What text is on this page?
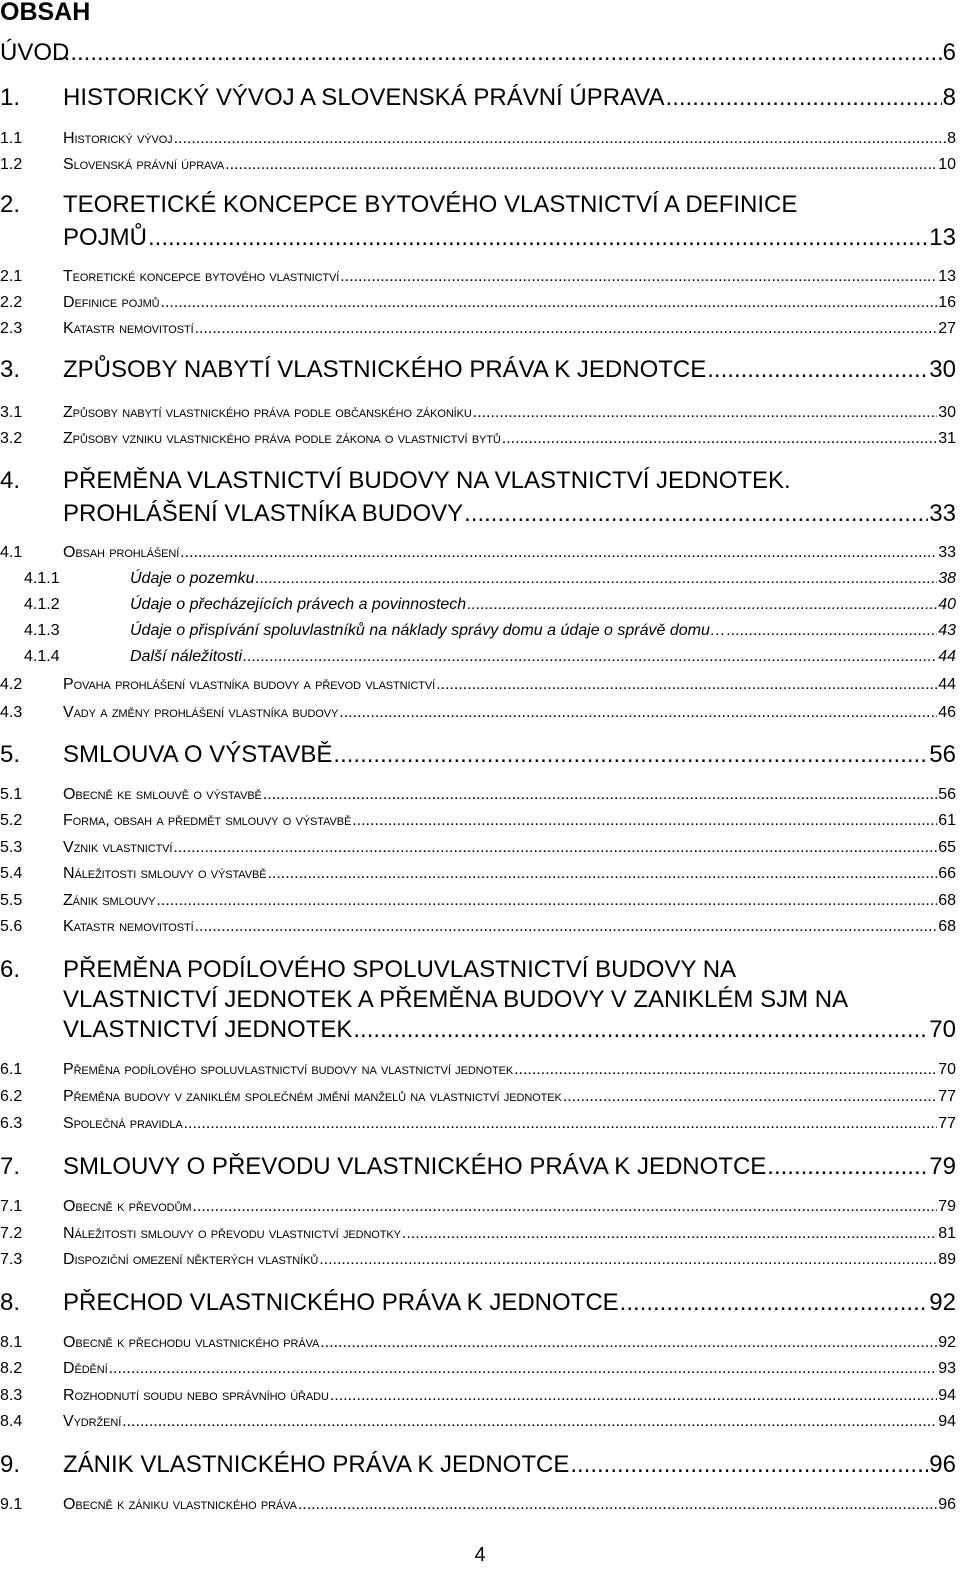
OBSAH
ÚVOD .....	6
1.	HISTORICKÝ VÝVOJ A SLOVENSKÁ PRÁVNÍ ÚPRAVA .....	8
1.1	Historický vývoj .....	8
1.2	Slovenská právní úprava .....	10
2.	TEORETICKÉ KONCEPCE BYTOVÉHO VLASTNICTVÍ A DEFINICE
POJMŮ .....	13
2.1	Teoretické koncepce bytového vlastnictví .....	13
2.2	Definice pojmů .....	16
2.3	Katastr nemovitostí .....	27
3.	ZPŮSOBY NABYTÍ VLASTNICKÉHO PRÁVA K JEDNOTCE .....	30
3.1	Způsoby nabytí vlastnického práva podle občanského zákoníku .....	30
3.2	Způsoby vzniku vlastnického práva podle zákona o vlastnictví bytů .....	31
4.	PŘEMĚNA VLASTNICTVÍ BUDOVY NA VLASTNICTVÍ JEDNOTEK.
PROHLÁŠENÍ VLASTNÍKA BUDOVY .....	33
4.1	Obsah prohlášení .....	33
4.1.1	Údaje o pozemku .....	38
4.1.2	Údaje o přecházejících právech a povinnostech .....	40
4.1.3	Údaje o přispívání spoluvlastníků na náklady správy domu a údaje o správě domu… .....	43
4.1.4	Další náležitosti .....	44
4.2	Povaha prohlášení vlastníka budovy a převod vlastnictví .....	44
4.3	Vady a změny prohlášení vlastníka budovy .....	46
5.	SMLOUVA O VÝSTAVBĚ .....	56
5.1	Obecně ke smlouvě o výstavbě .....	56
5.2	Forma, obsah a předmět smlouvy o výstavbě .....	61
5.3	Vznik vlastnictví .....	65
5.4	Náležitosti smlouvy o výstavbě .....	66
5.5	Zánik smlouvy .....	68
5.6	Katastr nemovitostí .....	68
6.	PŘEMĚNA PODÍLOVÉHO SPOLUVLASTNICTVÍ BUDOVY NA
VLASTNICTVÍ JEDNOTEK A PŘEMĚNA BUDOVY V ZANIKLÉM SJM NA
VLASTNICTVÍ JEDNOTEK .....	70
6.1	Přeměna podílového spoluvlastnictví budovy na vlastnictví jednotek .....	70
6.2	Přeměna budovy v zaniklém společném jmění manželů na vlastnictví jednotek .....	77
6.3	Společná pravidla .....	77
7.	SMLOUVY O PŘEVODU VLASTNICKÉHO PRÁVA K JEDNOTCE .....	79
7.1	Obecně k převodům .....	79
7.2	Náležitosti smlouvy o převodu vlastnictví jednotky .....	81
7.3	Dispoziční omezení některých vlastníků .....	89
8.	PŘECHOD VLASTNICKÉHO PRÁVA K JEDNOTCE .....	92
8.1	Obecně k přechodu vlastnického práva .....	92
8.2	Dědění .....	93
8.3	Rozhodnutí soudu nebo správního úřadu .....	94
8.4	Vydržení .....	94
9.	ZÁNIK VLASTNICKÉHO PRÁVA K JEDNOTCE .....	96
9.1	Obecně k zániku vlastnického práva .....	96
4
